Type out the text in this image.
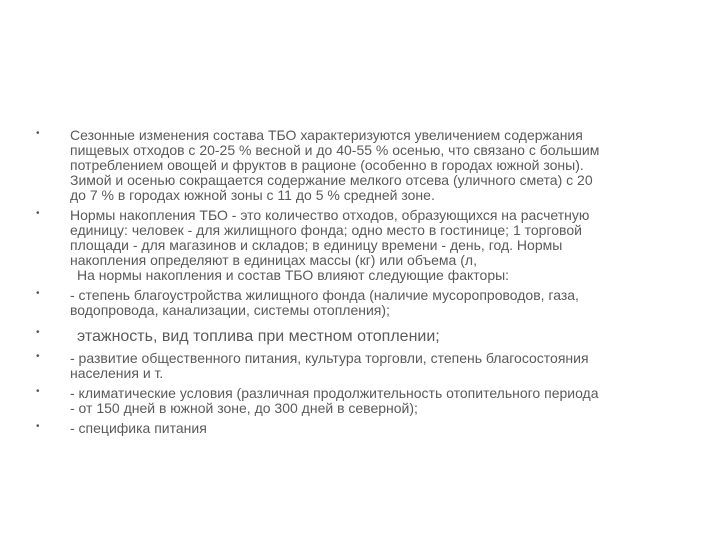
•	Сезонные изменения состава ТБО характеризуются увеличением содержания
пищевых отходов с 20-25 % весной и до 40-55 % осенью, что связано с большим
потреблением овощей и фруктов в рационе (особенно в городах южной зоны).
Зимой и осенью сокращается содержание мелкого отсева (уличного смета) с 20
до 7 % в городах южной зоны с 11 до 5 % средней зоне.
•	Нормы накопления ТБО - это количество отходов, образующихся на расчетную
единицу: человек - для жилищного фонда; одно место в гостинице; 1 торговой
площади - для магазинов и складов; в единицу времени - день, год. Нормы
накопления определяют в единицах массы (кг) или объема (л,
На нормы накопления и состав ТБО влияют следующие факторы:
•	- степень благоустройства жилищного фонда (наличие мусоропроводов, газа,
водопровода, канализации, системы отопления);
•	этажность, вид топлива при местном отоплении;
•	- развитие общественного питания, культура торговли, степень благосостояния
населения и т.
•	- климатические условия (различная продолжительность отопительного периода
- от 150 дней в южной зоне, до 300 дней в северной);
•	- специфика питания
